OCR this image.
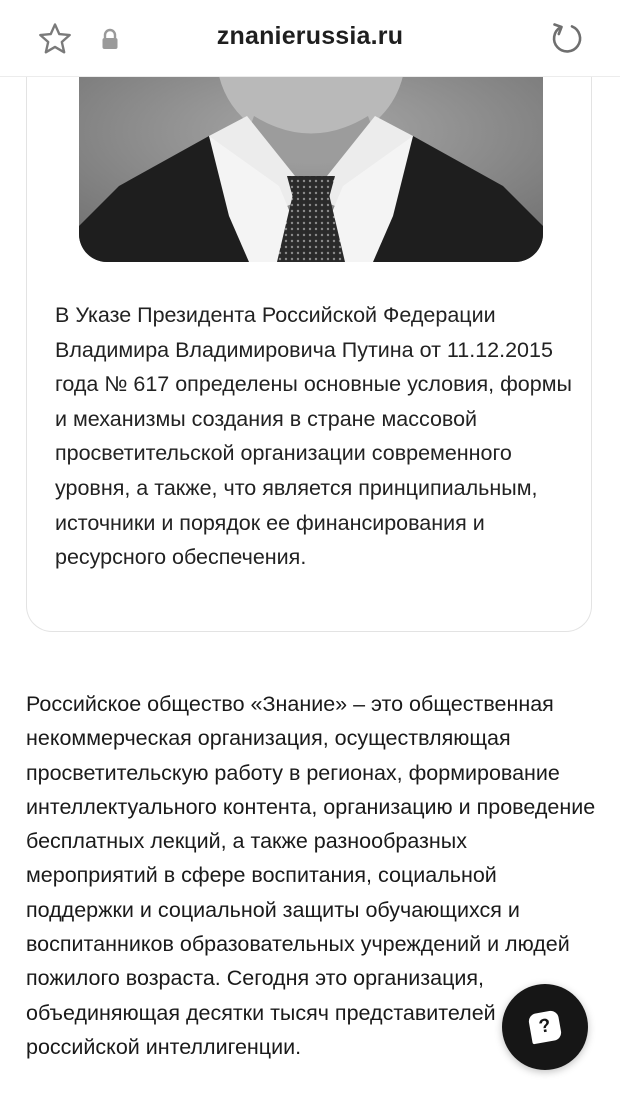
znanierussia.ru
В Указе Президента Российской Федерации Владимира Владимировича Путина от 11.12.2015 года № 617 определены основные условия, формы и механизмы создания в стране массовой просветительской организации современного уровня, а также, что является принципиальным, источники и порядок ее финансирования и ресурсного обеспечения.
Российское общество «Знание» – это общественная некоммерческая организация, осуществляющая просветительскую работу в регионах, формирование интеллектуального контента, организацию и проведение бесплатных лекций, а также разнообразных мероприятий в сфере воспитания, социальной поддержки и социальной защиты обучающихся и воспитанников образовательных учреждений и людей пожилого возраста. Сегодня это организация, объединяющая десятки тысяч представителей российской интеллигенции.
?
